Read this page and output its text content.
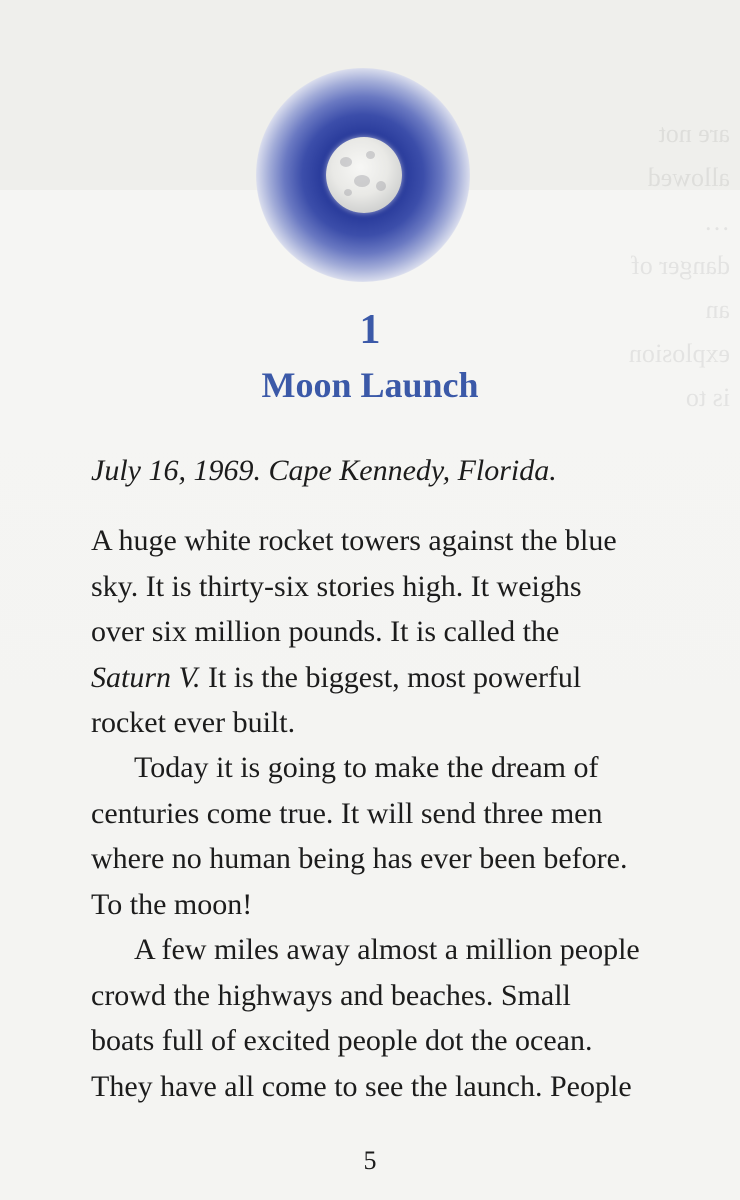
are not allowed … danger of an explosion is to
1
Moon Launch
July 16, 1969. Cape Kennedy, Florida.
A huge white rocket towers against the blue
sky. It is thirty-six stories high. It weighs
over six million pounds. It is called the
Saturn V. It is the biggest, most powerful
rocket ever built.
Today it is going to make the dream of
centuries come true. It will send three men
where no human being has ever been before.
To the moon!
A few miles away almost a million people
crowd the highways and beaches. Small
boats full of excited people dot the ocean.
They have all come to see the launch. People
5
